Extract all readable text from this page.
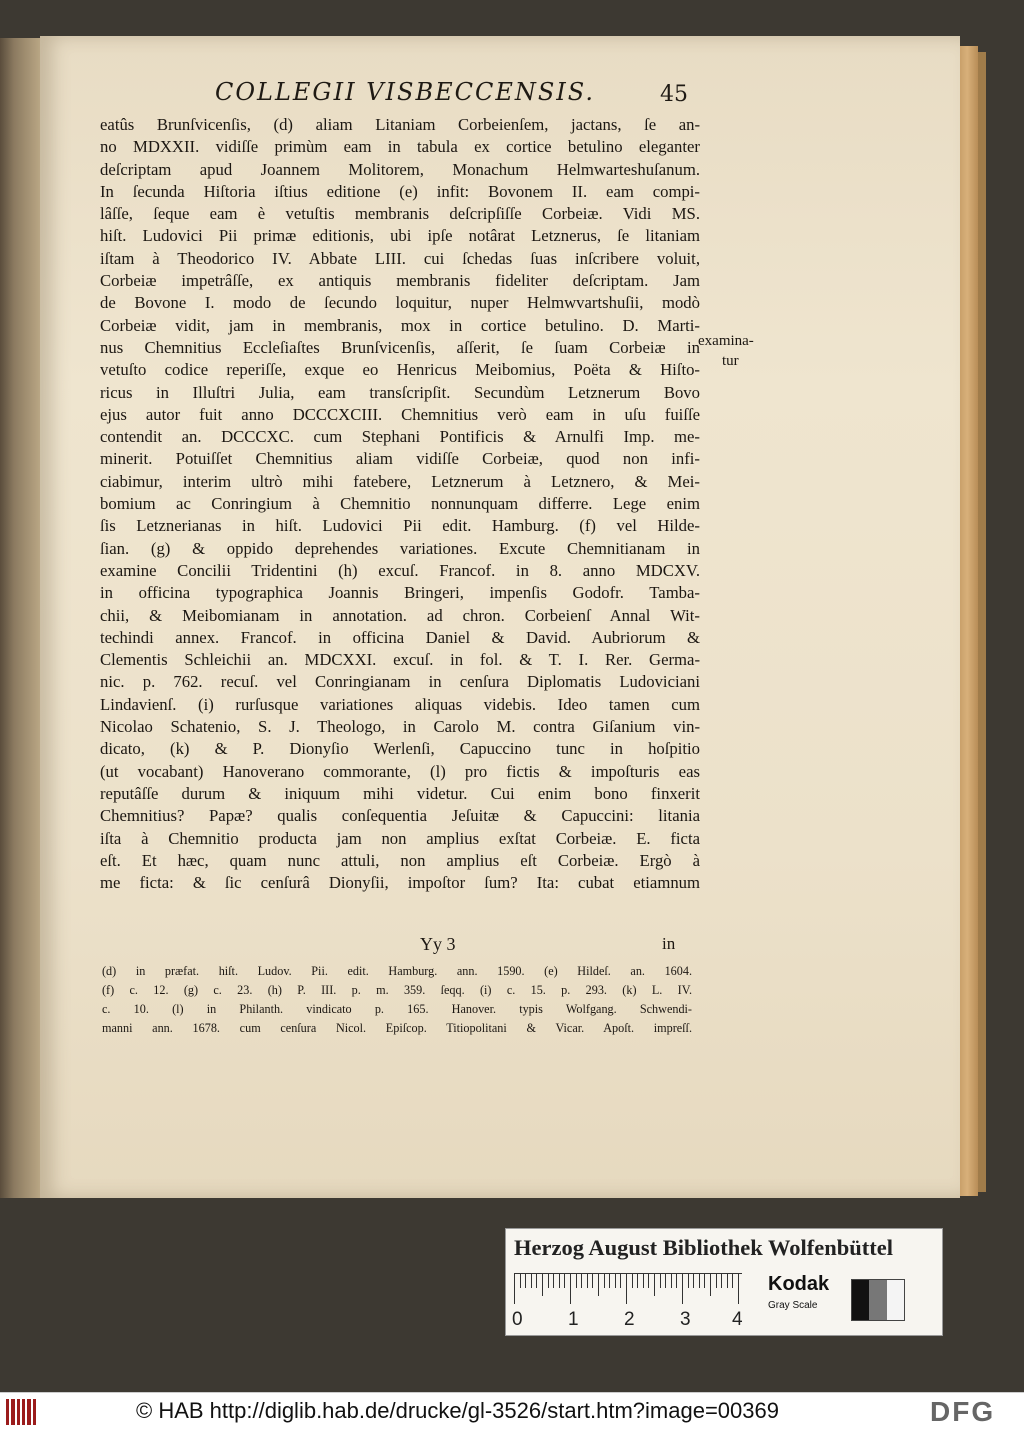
COLLEGII VISBECCENSIS.	45
eatûs Brunſvicenſis, (d) aliam Litaniam Corbeienſem, jactans, ſe an-
no MDXXII. vidiſſe primùm eam in tabula ex cortice betulino eleganter
deſcriptam apud Joannem Molitorem, Monachum Helmwarteshuſanum.
In ſecunda Hiſtoria iſtius editione (e) infit: Bovonem II. eam compi-
lâſſe, ſeque eam è vetuſtis membranis deſcripſiſſe Corbeiæ. Vidi MS.
hiſt. Ludovici Pii primæ editionis, ubi ipſe notârat Letznerus, ſe litaniam
iſtam à Theodorico IV. Abbate LIII. cui ſchedas ſuas inſcribere voluit,
Corbeiæ impetrâſſe, ex antiquis membranis fideliter deſcriptam. Jam
de Bovone I. modo de ſecundo loquitur, nuper Helmwvartshuſii, modò
Corbeiæ vidit, jam in membranis, mox in cortice betulino. D. Marti-
nus Chemnitius Eccleſiaſtes Brunſvicenſis, aſſerit, ſe ſuam Corbeiæ in
vetuſto codice reperiſſe, exque eo Henricus Meibomius, Poëta & Hiſto-
ricus in Illuſtri Julia, eam transſcripſit. Secundùm Letznerum Bovo
ejus autor fuit anno DCCCXCIII. Chemnitius verò eam in uſu fuiſſe
contendit an. DCCCXC. cum Stephani Pontificis & Arnulfi Imp. me-
minerit. Potuiſſet Chemnitius aliam vidiſſe Corbeiæ, quod non infi-
ciabimur, interim ultrò mihi fatebere, Letznerum à Letznero, & Mei-
bomium ac Conringium à Chemnitio nonnunquam differre. Lege enim
ſis Letznerianas in hiſt. Ludovici Pii edit. Hamburg. (f) vel Hilde-
ſian. (g) & oppido deprehendes variationes. Excute Chemnitianam in
examine Concilii Tridentini (h) excuſ. Francof. in 8. anno MDCXV.
in officina typographica Joannis Bringeri, impenſis Godofr. Tamba-
chii, & Meibomianam in annotation. ad chron. Corbeienſ Annal Wit-
techindi annex. Francof. in officina Daniel & David. Aubriorum &
Clementis Schleichii an. MDCXXI. excuſ. in fol. & T. I. Rer. Germa-
nic. p. 762. recuſ. vel Conringianam in cenſura Diplomatis Ludoviciani
Lindavienſ. (i) rurſusque variationes aliquas videbis. Ideo tamen cum
Nicolao Schatenio, S. J. Theologo, in Carolo M. contra Giſanium vin-
dicato, (k) & P. Dionyſio Werlenſi, Capuccino tunc in hoſpitio
(ut vocabant) Hanoverano commorante, (l) pro fictis & impoſturis eas
reputâſſe durum & iniquum mihi videtur. Cui enim bono finxerit
Chemnitius? Papæ? qualis conſequentia Jeſuitæ & Capuccini: litania
iſta à Chemnitio producta jam non amplius exſtat Corbeiæ. E. ficta
eſt. Et hæc, quam nunc attuli, non amplius eſt Corbeiæ. Ergò à
me ficta: & ſic cenſurâ Dionyſii, impoſtor ſum? Ita: cubat etiamnum
examina-
tur
Yy 3	in
(d) in præfat. hiſt. Ludov. Pii. edit. Hamburg. ann. 1590. (e) Hildeſ. an. 1604.
(f) c. 12. (g) c. 23. (h) P. III. p. m. 359. ſeqq. (i) c. 15. p. 293. (k) L. IV.
c. 10. (l) in Philanth. vindicato p. 165. Hanover. typis Wolfgang. Schwendi-
manni ann. 1678. cum cenſura Nicol. Epiſcop. Titiopolitani & Vicar. Apoſt. impreſſ.
Herzog August Bibliothek Wolfenbüttel
0 1 2 3 4
Kodak
Gray Scale
© HAB http://diglib.hab.de/drucke/gl-3526/start.htm?image=00369	DFG
